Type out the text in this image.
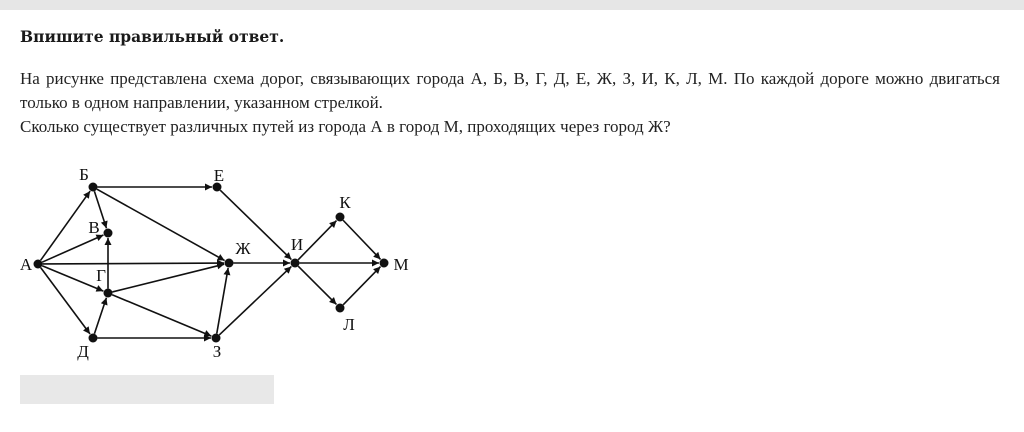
Впишите правильный ответ.

На рисунке представлена схема дорог, связывающих города А, Б, В, Г, Д, Е, Ж, З, И, К, Л, М. По каждой дороге можно двигаться только в одном направлении, указанном стрелкой.

Сколько существует различных путей из города А в город М, проходящих через город Ж?

А
Б
В
Г
Д
Е
Ж
З
И
К
Л
М
